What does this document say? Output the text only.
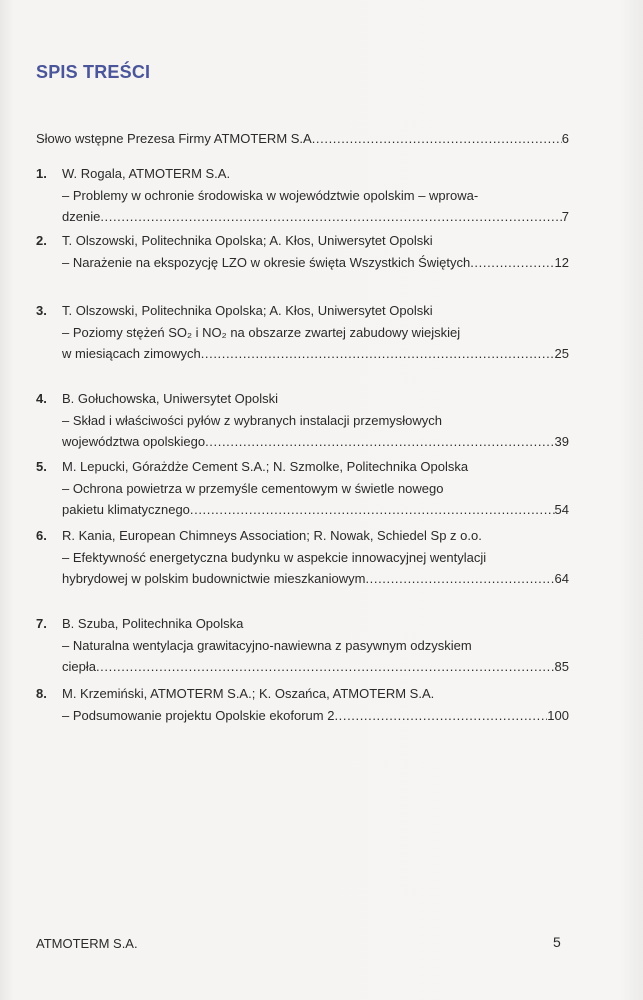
SPIS TREŚCI
Słowo wstępne Prezesa Firmy ATMOTERM S.A .....	6
1. W. Rogala, ATMOTERM S.A.
– Problemy w ochronie środowiska w województwie opolskim – wprowa-
dzenie .....	7
2. T. Olszowski, Politechnika Opolska; A. Kłos, Uniwersytet Opolski
– Narażenie na ekspozycję LZO w okresie święta Wszystkich Świętych .....	12
3. T. Olszowski, Politechnika Opolska; A. Kłos, Uniwersytet Opolski
– Poziomy stężeń SO₂ i NO₂ na obszarze zwartej zabudowy wiejskiej
w miesiącach zimowych .....	25
4. B. Gołuchowska, Uniwersytet Opolski
– Skład i właściwości pyłów z wybranych instalacji przemysłowych
województwa opolskiego .....	39
5. M. Lepucki, Górażdże Cement S.A.; N. Szmolke, Politechnika Opolska
– Ochrona powietrza w przemyśle cementowym w świetle nowego
pakietu klimatycznego .....	54
6. R. Kania, European Chimneys Association; R. Nowak, Schiedel Sp z o.o.
– Efektywność energetyczna budynku w aspekcie innowacyjnej wentylacji
hybrydowej w polskim budownictwie mieszkaniowym .....	64
7. B. Szuba, Politechnika Opolska
– Naturalna wentylacja grawitacyjno-nawiewna z pasywnym odzyskiem
ciepła .....	85
8. M. Krzemiński, ATMOTERM S.A.; K. Oszańca, ATMOTERM S.A.
– Podsumowanie projektu Opolskie ekoforum 2 .....	100
ATMOTERM S.A.	5
